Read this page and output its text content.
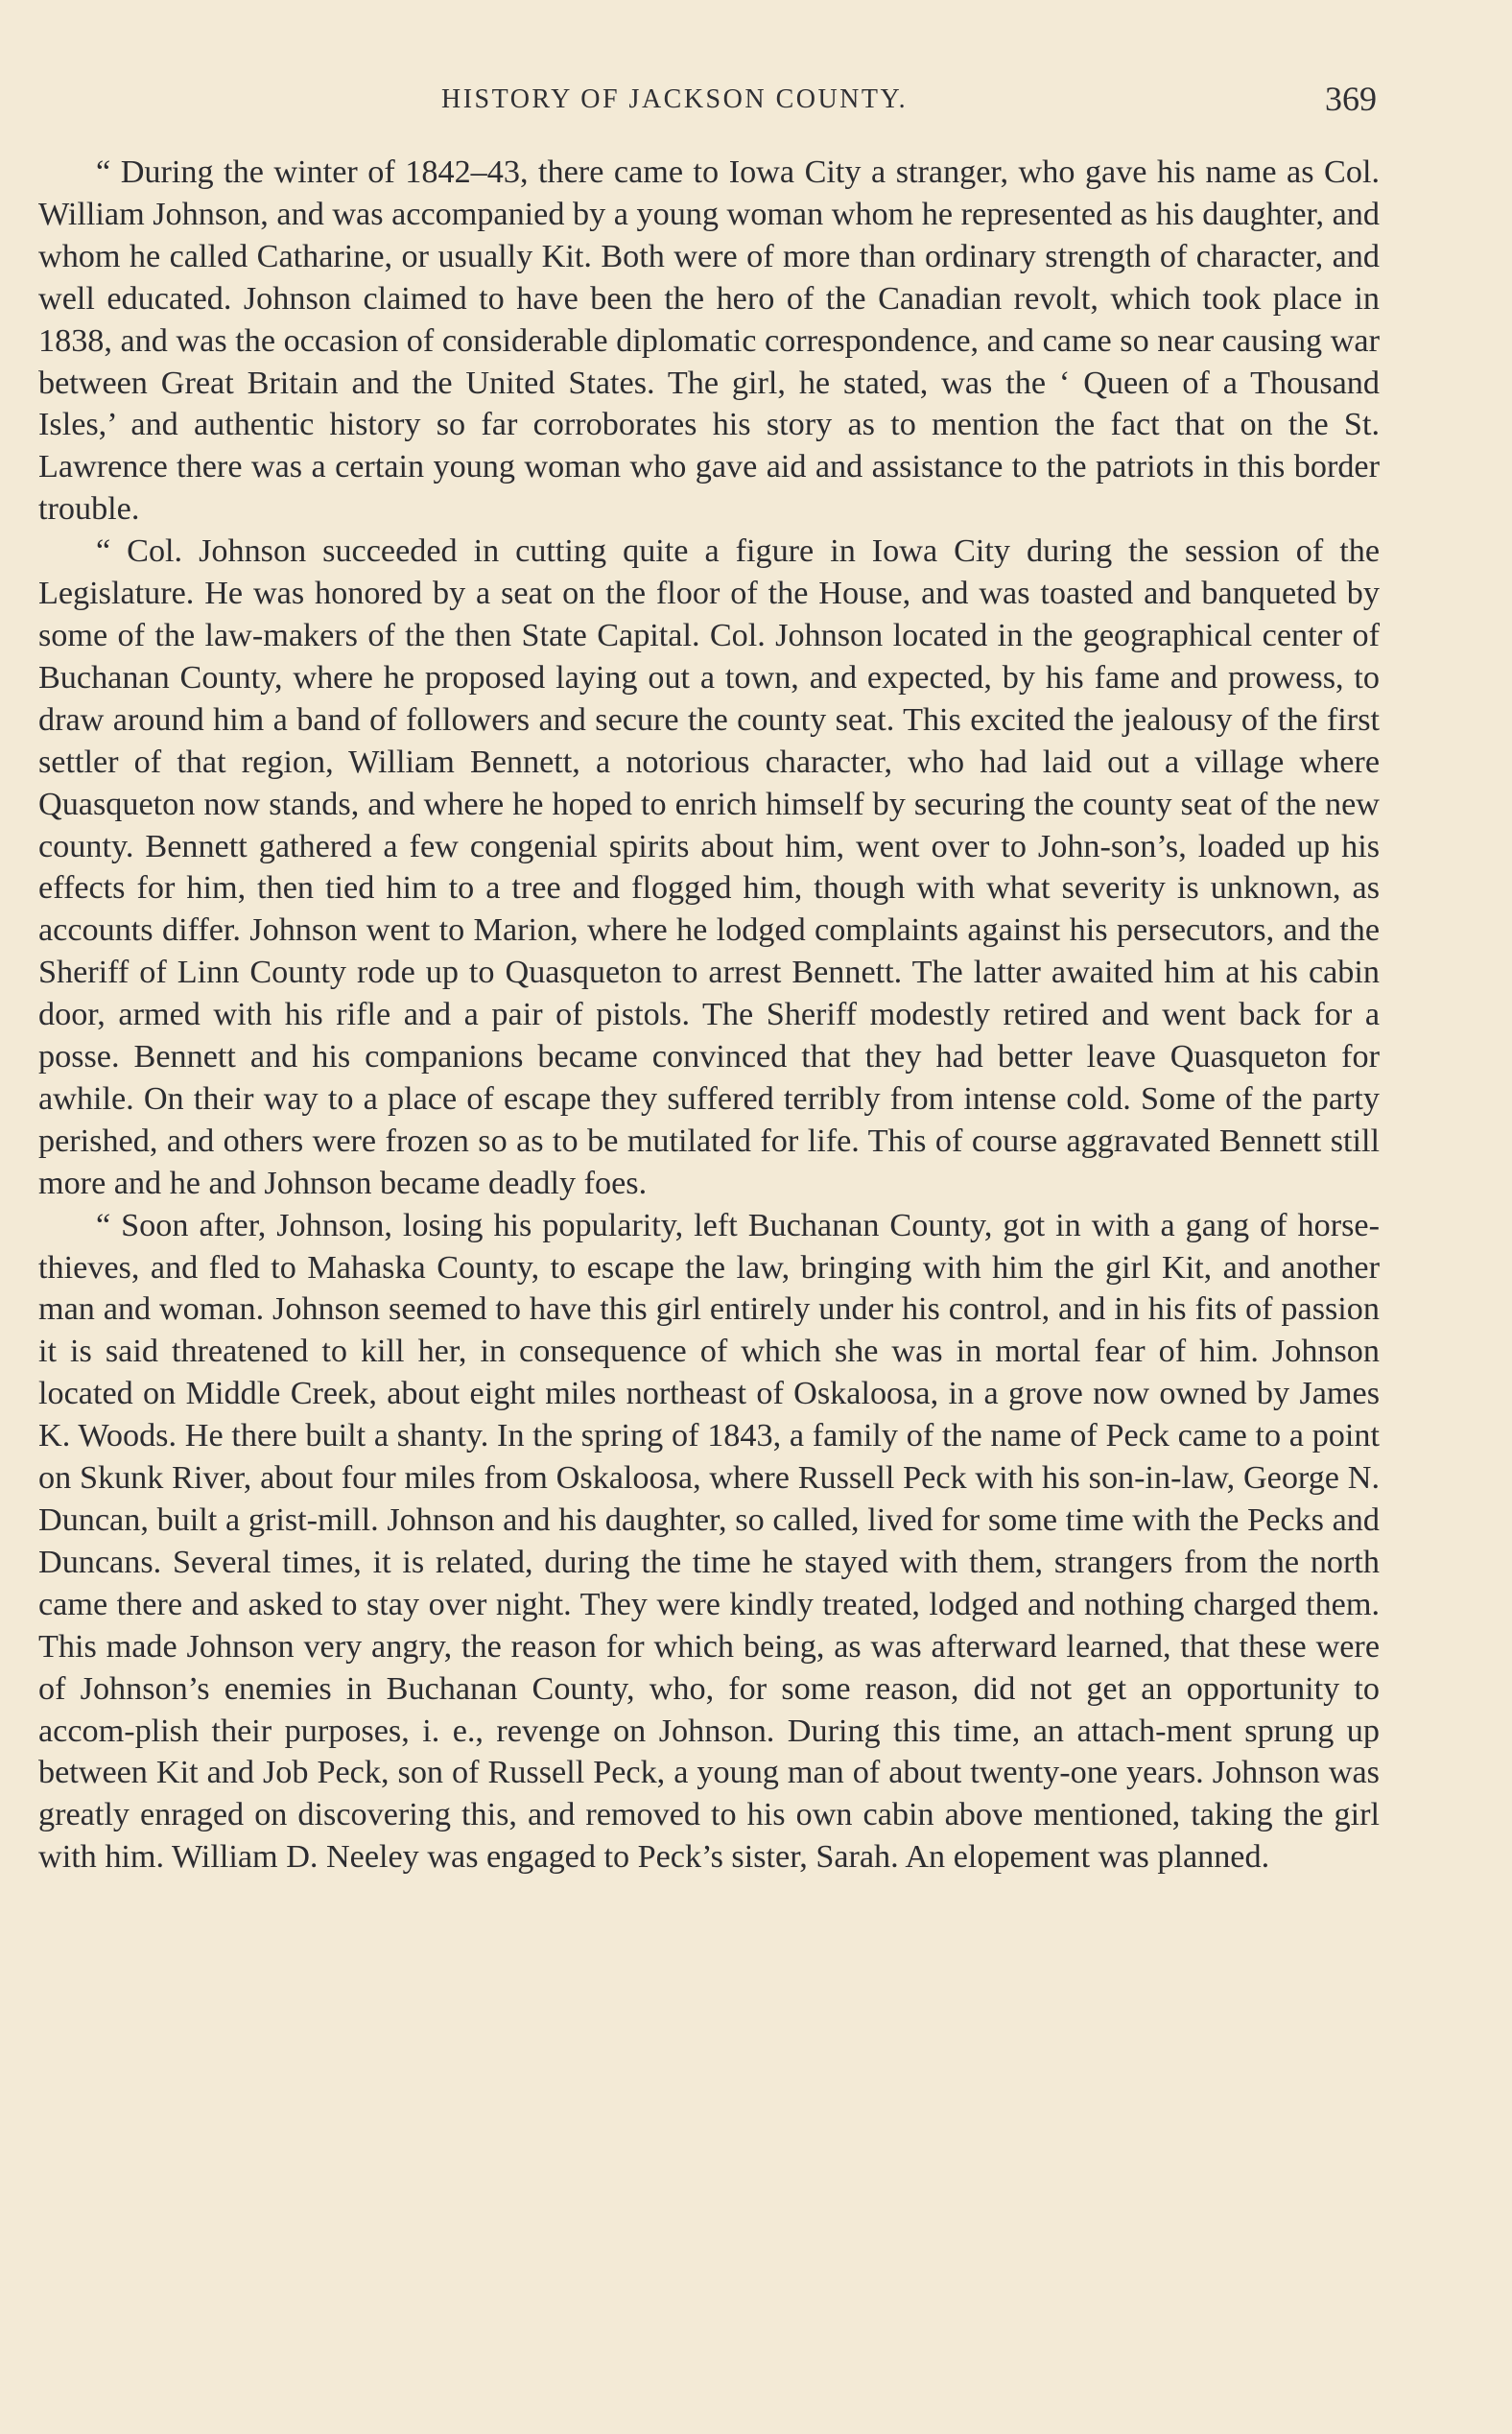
HISTORY OF JACKSON COUNTY.	369

“ During the winter of 1842–43, there came to Iowa City a stranger, who gave his name as Col. William Johnson, and was accompanied by a young woman whom he represented as his daughter, and whom he called Catharine, or usually Kit. Both were of more than ordinary strength of character, and well educated. Johnson claimed to have been the hero of the Canadian revolt, which took place in 1838, and was the occasion of considerable diplomatic correspondence, and came so near causing war between Great Britain and the United States. The girl, he stated, was the ‘ Queen of a Thousand Isles,’ and authentic history so far corroborates his story as to mention the fact that on the St. Lawrence there was a certain young woman who gave aid and assistance to the patriots in this border trouble.

“ Col. Johnson succeeded in cutting quite a figure in Iowa City during the session of the Legislature. He was honored by a seat on the floor of the House, and was toasted and banqueted by some of the law-makers of the then State Capital. Col. Johnson located in the geographical center of Buchanan County, where he proposed laying out a town, and expected, by his fame and prowess, to draw around him a band of followers and secure the county seat. This excited the jealousy of the first settler of that region, William Bennett, a notorious character, who had laid out a village where Quasqueton now stands, and where he hoped to enrich himself by securing the county seat of the new county. Bennett gathered a few congenial spirits about him, went over to John-son’s, loaded up his effects for him, then tied him to a tree and flogged him, though with what severity is unknown, as accounts differ. Johnson went to Marion, where he lodged complaints against his persecutors, and the Sheriff of Linn County rode up to Quasqueton to arrest Bennett. The latter awaited him at his cabin door, armed with his rifle and a pair of pistols. The Sheriff modestly retired and went back for a posse. Bennett and his companions became convinced that they had better leave Quasqueton for awhile. On their way to a place of escape they suffered terribly from intense cold. Some of the party perished, and others were frozen so as to be mutilated for life. This of course aggravated Bennett still more and he and Johnson became deadly foes.

“ Soon after, Johnson, losing his popularity, left Buchanan County, got in with a gang of horse-thieves, and fled to Mahaska County, to escape the law, bringing with him the girl Kit, and another man and woman. Johnson seemed to have this girl entirely under his control, and in his fits of passion it is said threatened to kill her, in consequence of which she was in mortal fear of him. Johnson located on Middle Creek, about eight miles northeast of Oskaloosa, in a grove now owned by James K. Woods. He there built a shanty. In the spring of 1843, a family of the name of Peck came to a point on Skunk River, about four miles from Oskaloosa, where Russell Peck with his son-in-law, George N. Duncan, built a grist-mill. Johnson and his daughter, so called, lived for some time with the Pecks and Duncans. Several times, it is related, during the time he stayed with them, strangers from the north came there and asked to stay over night. They were kindly treated, lodged and nothing charged them. This made Johnson very angry, the reason for which being, as was afterward learned, that these were of Johnson’s enemies in Buchanan County, who, for some reason, did not get an opportunity to accom-plish their purposes, i. e., revenge on Johnson. During this time, an attach-ment sprung up between Kit and Job Peck, son of Russell Peck, a young man of about twenty-one years. Johnson was greatly enraged on discovering this, and removed to his own cabin above mentioned, taking the girl with him. William D. Neeley was engaged to Peck’s sister, Sarah. An elopement was planned.
